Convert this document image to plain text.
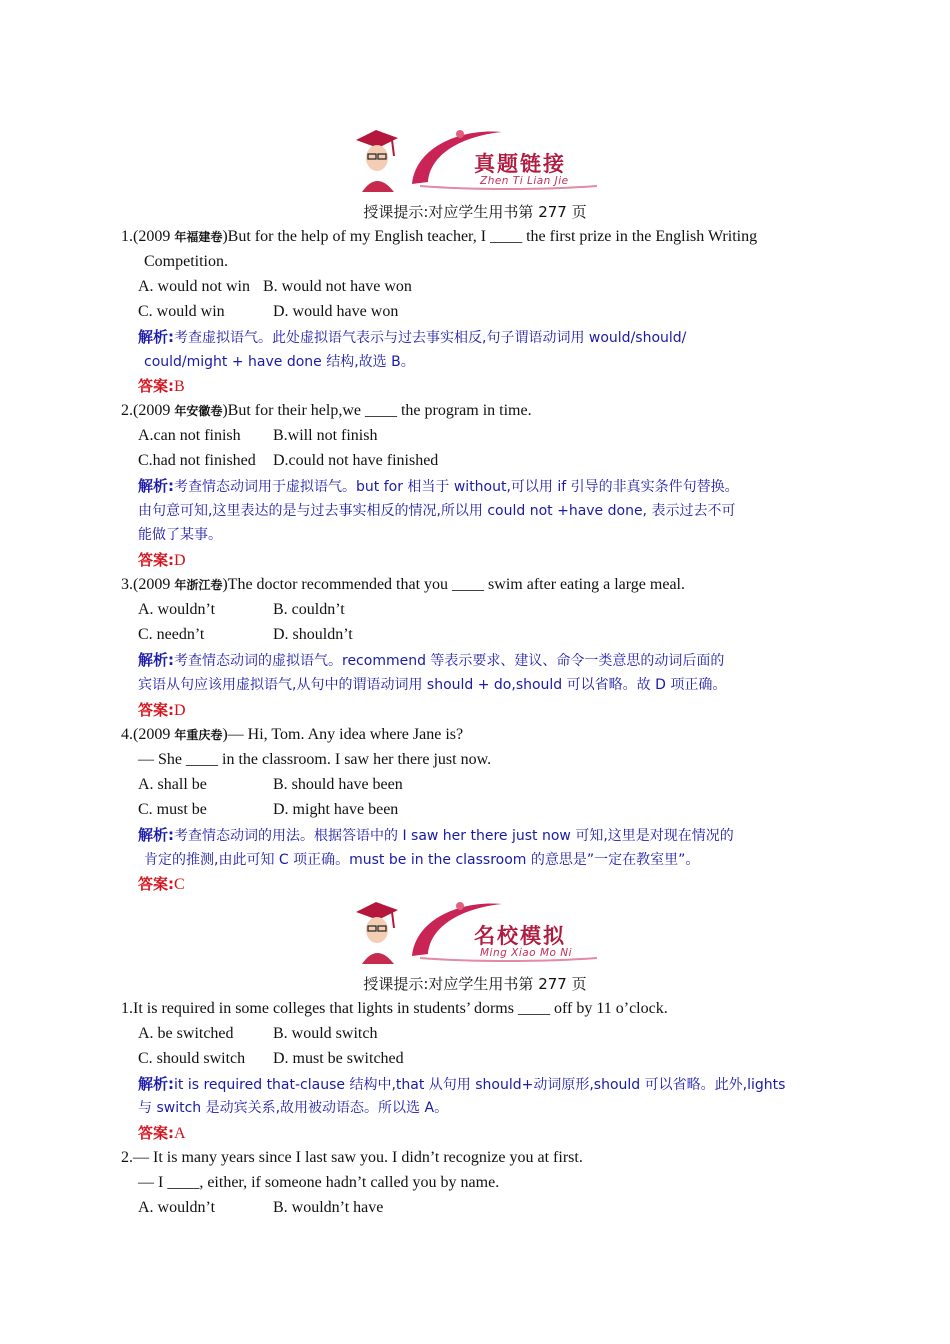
真题链接
Zhen Ti Lian Jie
授课提示:对应学生用书第 277 页
1.(2009 年福建卷)But for the help of my English teacher, I ____ the first prize in the English Writing
Competition.
A. would not win B. would not have won
C. would win	D. would have won
解析:考查虚拟语气。此处虚拟语气表示与过去事实相反,句子谓语动词用 would/should/
could/might + have done 结构,故选 B。
答案:B
2.(2009 年安徽卷)But for their help,we ____ the program in time.
A.can not finish B.will not finish
C.had not finished D.could not have finished
解析:考查情态动词用于虚拟语气。but for 相当于 without,可以用 if 引导的非真实条件句替换。
由句意可知,这里表达的是与过去事实相反的情况,所以用 could not +have done, 表示过去不可
能做了某事。
答案:D
3.(2009 年浙江卷)The doctor recommended that you ____ swim after eating a large meal.
A. wouldn’t	B. couldn’t
C. needn’t	D. shouldn’t
解析:考查情态动词的虚拟语气。recommend 等表示要求、建议、命令一类意思的动词后面的
宾语从句应该用虚拟语气,从句中的谓语动词用 should + do,should 可以省略。故 D 项正确。
答案:D
4.(2009 年重庆卷)— Hi, Tom. Any idea where Jane is?
— She ____ in the classroom. I saw her there just now.
A. shall be	B. should have been
C. must be	D. might have been
解析:考查情态动词的用法。根据答语中的 I saw her there just now 可知,这里是对现在情况的
肯定的推测,由此可知 C 项正确。must be in the classroom 的意思是”一定在教室里”。
答案:C
名校模拟
Ming Xiao Mo Ni
授课提示:对应学生用书第 277 页
1.It is required in some colleges that lights in students’ dorms ____ off by 11 o’clock.
A. be switched B. would switch
C. should switch D. must be switched
解析:it is required that-clause 结构中,that 从句用 should+动词原形,should 可以省略。此外,lights
与 switch 是动宾关系,故用被动语态。所以选 A。
答案:A
2.— It is many years since I last saw you. I didn’t recognize you at first.
— I ____, either, if someone hadn’t called you by name.
A. wouldn’t	B. wouldn’t have
